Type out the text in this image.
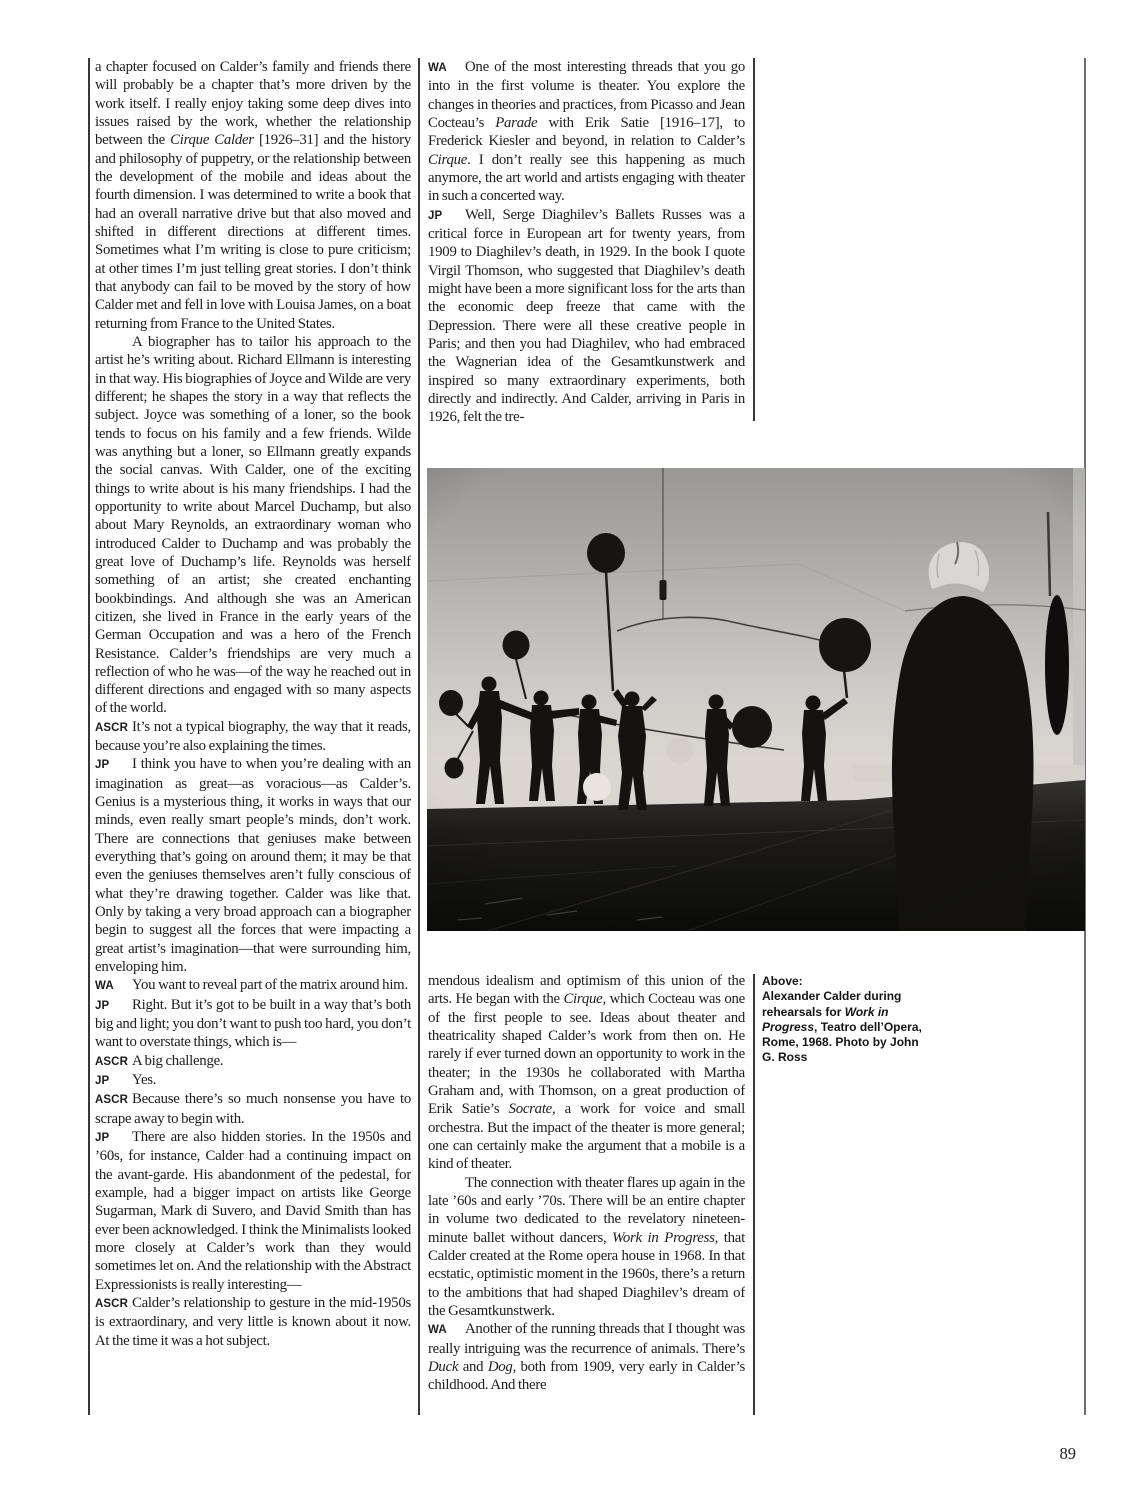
a chapter focused on Calder’s family and friends there will probably be a chapter that’s more driven by the work itself. I really enjoy taking some deep dives into issues raised by the work, whether the relationship between the Cirque Calder [1926–31] and the history and philosophy of puppetry, or the relationship between the development of the mobile and ideas about the fourth dimension. I was determined to write a book that had an overall narrative drive but that also moved and shifted in different directions at different times. Sometimes what I’m writing is close to pure criticism; at other times I’m just telling great stories. I don’t think that anybody can fail to be moved by the story of how Calder met and fell in love with Louisa James, on a boat returning from France to the United States.

A biographer has to tailor his approach to the artist he’s writing about. Richard Ellmann is interesting in that way. His biographies of Joyce and Wilde are very different; he shapes the story in a way that reflects the subject. Joyce was something of a loner, so the book tends to focus on his family and a few friends. Wilde was anything but a loner, so Ellmann greatly expands the social canvas. With Calder, one of the exciting things to write about is his many friendships. I had the opportunity to write about Marcel Duchamp, but also about Mary Reynolds, an extraordinary woman who introduced Calder to Duchamp and was probably the great love of Duchamp’s life. Reynolds was herself something of an artist; she created enchanting bookbindings. And although she was an American citizen, she lived in France in the early years of the German Occupation and was a hero of the French Resistance. Calder’s friendships are very much a reflection of who he was—of the way he reached out in different directions and engaged with so many aspects of the world.

ASCR It’s not a typical biography, the way that it reads, because you’re also explaining the times.

JP I think you have to when you’re dealing with an imagination as great—as voracious—as Calder’s. Genius is a mysterious thing, it works in ways that our minds, even really smart people’s minds, don’t work. There are connections that geniuses make between everything that’s going on around them; it may be that even the geniuses themselves aren’t fully conscious of what they’re drawing together. Calder was like that. Only by taking a very broad approach can a biographer begin to suggest all the forces that were impacting a great artist’s imagination—that were surrounding him, enveloping him.

WA You want to reveal part of the matrix around him.

JP Right. But it’s got to be built in a way that’s both big and light; you don’t want to push too hard, you don’t want to overstate things, which is—

ASCR A big challenge.

JP Yes.

ASCR Because there’s so much nonsense you have to scrape away to begin with.

JP There are also hidden stories. In the 1950s and ’60s, for instance, Calder had a continuing impact on the avant-garde. His abandonment of the pedestal, for example, had a bigger impact on artists like George Sugarman, Mark di Suvero, and David Smith than has ever been acknowledged. I think the Minimalists looked more closely at Calder’s work than they would sometimes let on. And the relationship with the Abstract Expressionists is really interesting—

ASCR Calder’s relationship to gesture in the mid-1950s is extraordinary, and very little is known about it now. At the time it was a hot subject.

WA One of the most interesting threads that you go into in the first volume is theater. You explore the changes in theories and practices, from Picasso and Jean Cocteau’s Parade with Erik Satie [1916–17], to Frederick Kiesler and beyond, in relation to Calder’s Cirque. I don’t really see this happening as much anymore, the art world and artists engaging with theater in such a concerted way.

JP Well, Serge Diaghilev’s Ballets Russes was a critical force in European art for twenty years, from 1909 to Diaghilev’s death, in 1929. In the book I quote Virgil Thomson, who suggested that Diaghilev’s death might have been a more significant loss for the arts than the economic deep freeze that came with the Depression. There were all these creative people in Paris; and then you had Diaghilev, who had embraced the Wagnerian idea of the Gesamtkunstwerk and inspired so many extraordinary experiments, both directly and indirectly. And Calder, arriving in Paris in 1926, felt the tre-

mendous idealism and optimism of this union of the arts. He began with the Cirque, which Cocteau was one of the first people to see. Ideas about theater and theatricality shaped Calder’s work from then on. He rarely if ever turned down an opportunity to work in the theater; in the 1930s he collaborated with Martha Graham and, with Thomson, on a great production of Erik Satie’s Socrate, a work for voice and small orchestra. But the impact of the theater is more general; one can certainly make the argument that a mobile is a kind of theater.

The connection with theater flares up again in the late ’60s and early ’70s. There will be an entire chapter in volume two dedicated to the revelatory nineteen-minute ballet without dancers, Work in Progress, that Calder created at the Rome opera house in 1968. In that ecstatic, optimistic moment in the 1960s, there’s a return to the ambitions that had shaped Diaghilev’s dream of the Gesamtkunstwerk.

WA Another of the running threads that I thought was really intriguing was the recurrence of animals. There’s Duck and Dog, both from 1909, very early in Calder’s childhood. And there

Above:
Alexander Calder during rehearsals for Work in Progress, Teatro dell’Opera, Rome, 1968. Photo by John G. Ross
89
